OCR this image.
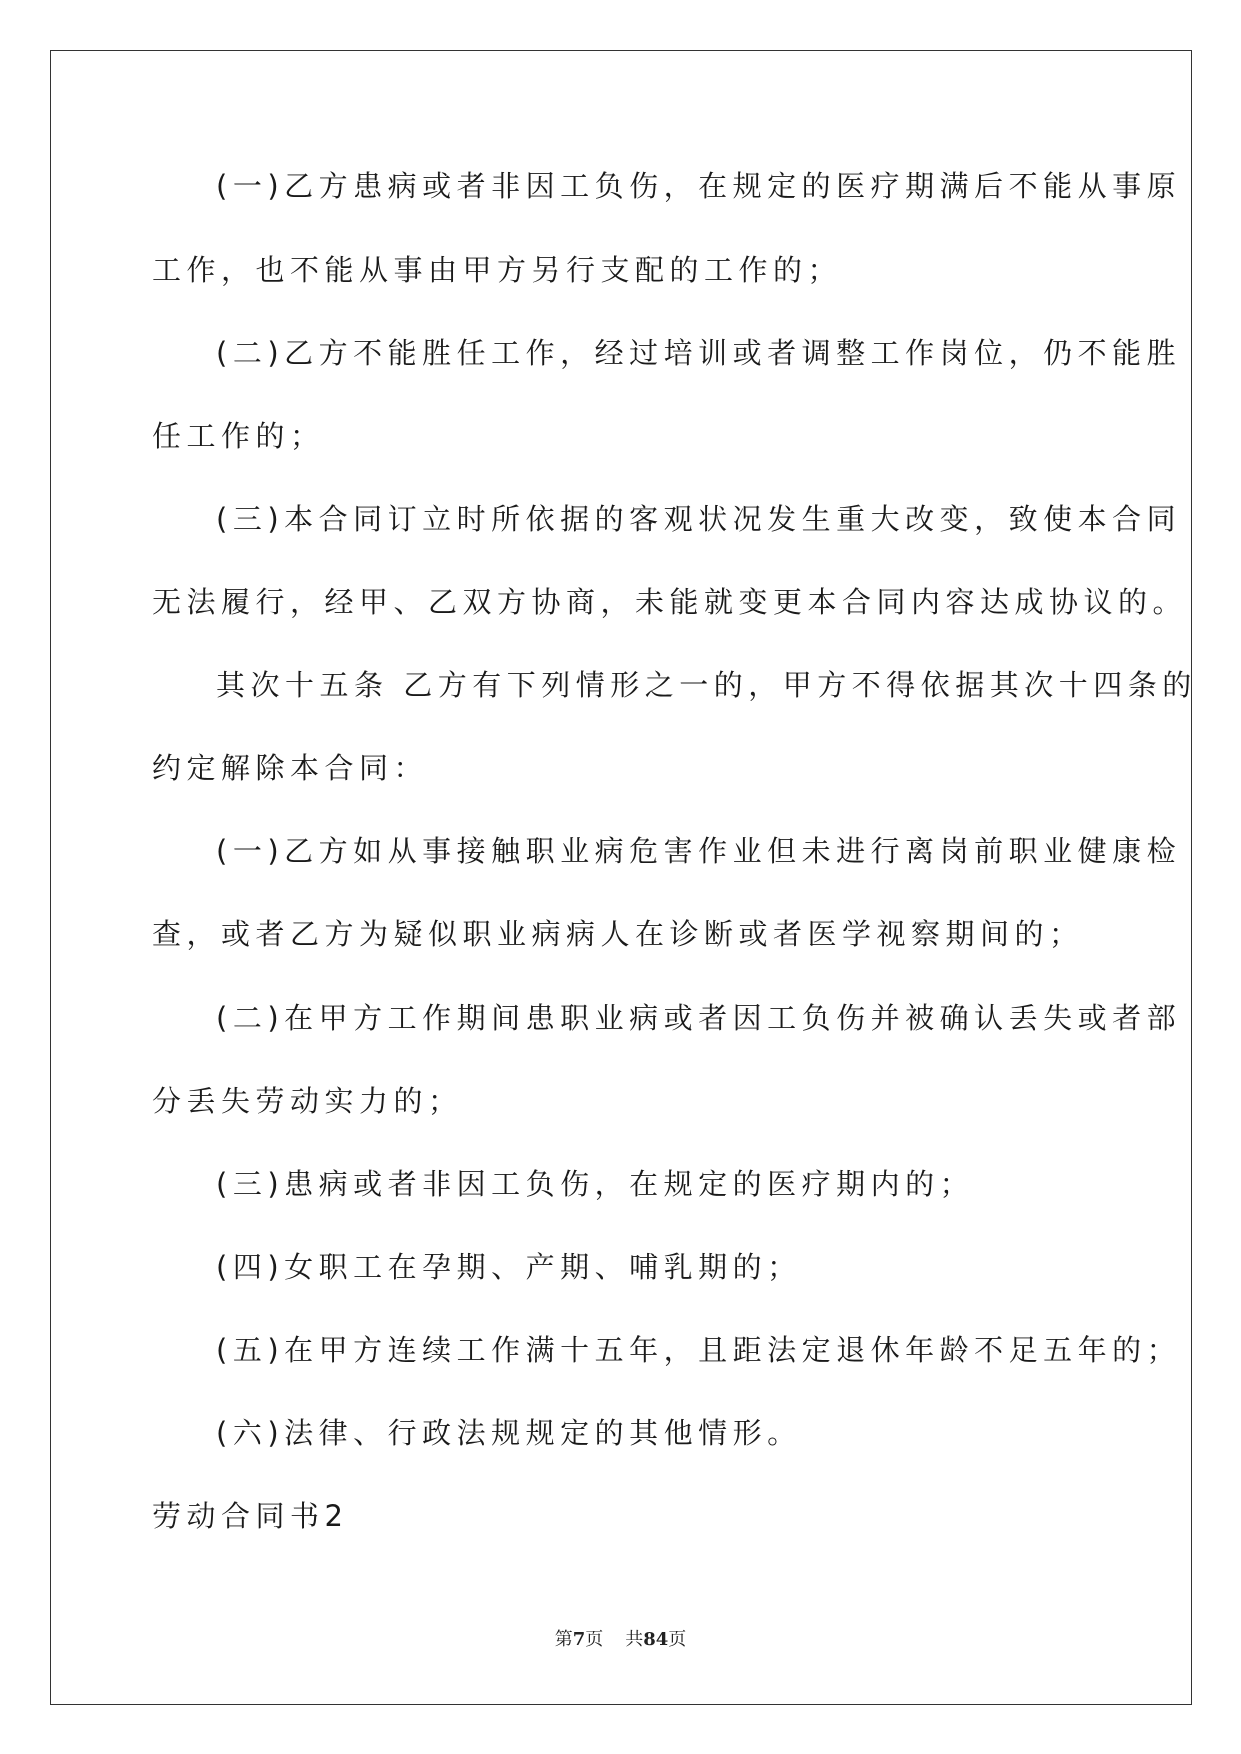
(一)乙方患病或者非因工负伤，在规定的医疗期满后不能从事原
工作，也不能从事由甲方另行支配的工作的；
(二)乙方不能胜任工作，经过培训或者调整工作岗位，仍不能胜
任工作的；
(三)本合同订立时所依据的客观状况发生重大改变，致使本合同
无法履行，经甲、乙双方协商，未能就变更本合同内容达成协议的。
其次十五条 乙方有下列情形之一的，甲方不得依据其次十四条的
约定解除本合同：
(一)乙方如从事接触职业病危害作业但未进行离岗前职业健康检
查，或者乙方为疑似职业病病人在诊断或者医学视察期间的；
(二)在甲方工作期间患职业病或者因工负伤并被确认丢失或者部
分丢失劳动实力的；
(三)患病或者非因工负伤，在规定的医疗期内的；
(四)女职工在孕期、产期、哺乳期的；
(五)在甲方连续工作满十五年，且距法定退休年龄不足五年的；
(六)法律、行政法规规定的其他情形。
劳动合同书2
第7页 共84页
